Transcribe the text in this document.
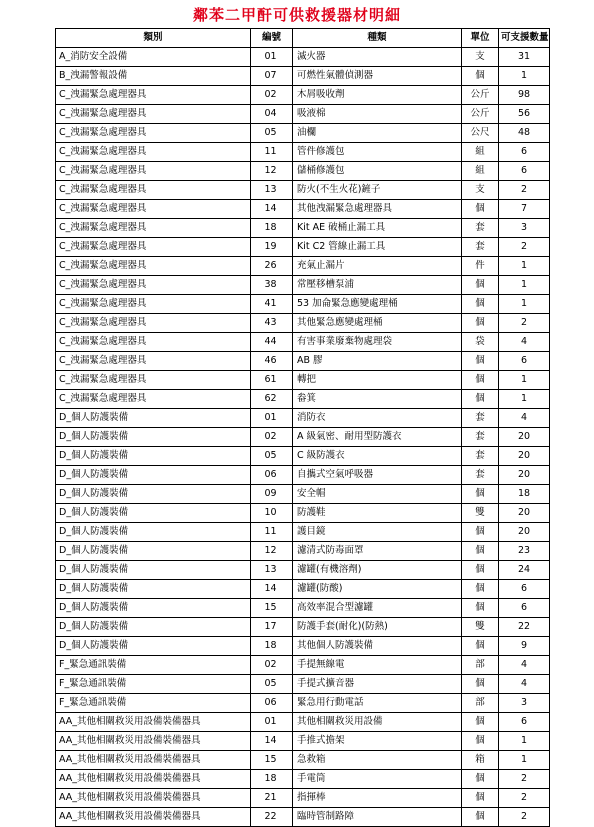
鄰苯二甲酐可供救援器材明細
類別	編號	種類	單位	可支援數量
A_消防安全設備	01	滅火器	支	31
B_洩漏警報設備	07	可燃性氣體偵測器	個	1
C_洩漏緊急處理器具	02	木屑吸收劑	公斤	98
C_洩漏緊急處理器具	04	吸液棉	公斤	56
C_洩漏緊急處理器具	05	油欄	公尺	48
C_洩漏緊急處理器具	11	管件修護包	組	6
C_洩漏緊急處理器具	12	儲桶修護包	組	6
C_洩漏緊急處理器具	13	防火(不生火花)鏟子	支	2
C_洩漏緊急處理器具	14	其他洩漏緊急處理器具	個	7
C_洩漏緊急處理器具	18	Kit AE 破桶止漏工具	套	3
C_洩漏緊急處理器具	19	Kit C2 管線止漏工具	套	2
C_洩漏緊急處理器具	26	充氣止漏片	件	1
C_洩漏緊急處理器具	38	常壓移槽泵浦	個	1
C_洩漏緊急處理器具	41	53 加侖緊急應變處理桶	個	1
C_洩漏緊急處理器具	43	其他緊急應變處理桶	個	2
C_洩漏緊急處理器具	44	有害事業廢棄物處理袋	袋	4
C_洩漏緊急處理器具	46	AB 膠	個	6
C_洩漏緊急處理器具	61	轉把	個	1
C_洩漏緊急處理器具	62	畚箕	個	1
D_個人防護裝備	01	消防衣	套	4
D_個人防護裝備	02	A 級氣密、耐用型防護衣	套	20
D_個人防護裝備	05	C 級防護衣	套	20
D_個人防護裝備	06	自攜式空氣呼吸器	套	20
D_個人防護裝備	09	安全帽	個	18
D_個人防護裝備	10	防護鞋	雙	20
D_個人防護裝備	11	護目鏡	個	20
D_個人防護裝備	12	濾清式防毒面罩	個	23
D_個人防護裝備	13	濾罐(有機溶劑)	個	24
D_個人防護裝備	14	濾罐(防酸)	個	6
D_個人防護裝備	15	高效率混合型濾罐	個	6
D_個人防護裝備	17	防護手套(耐化)(防熱)	雙	22
D_個人防護裝備	18	其他個人防護裝備	個	9
F_緊急通訊裝備	02	手提無線電	部	4
F_緊急通訊裝備	05	手提式擴音器	個	4
F_緊急通訊裝備	06	緊急用行動電話	部	3
AA_其他相關救災用設備裝備器具	01	其他相關救災用設備	個	6
AA_其他相關救災用設備裝備器具	14	手推式擔架	個	1
AA_其他相關救災用設備裝備器具	15	急救箱	箱	1
AA_其他相關救災用設備裝備器具	18	手電筒	個	2
AA_其他相關救災用設備裝備器具	21	指揮棒	個	2
AA_其他相關救災用設備裝備器具	22	臨時管制路障	個	2
